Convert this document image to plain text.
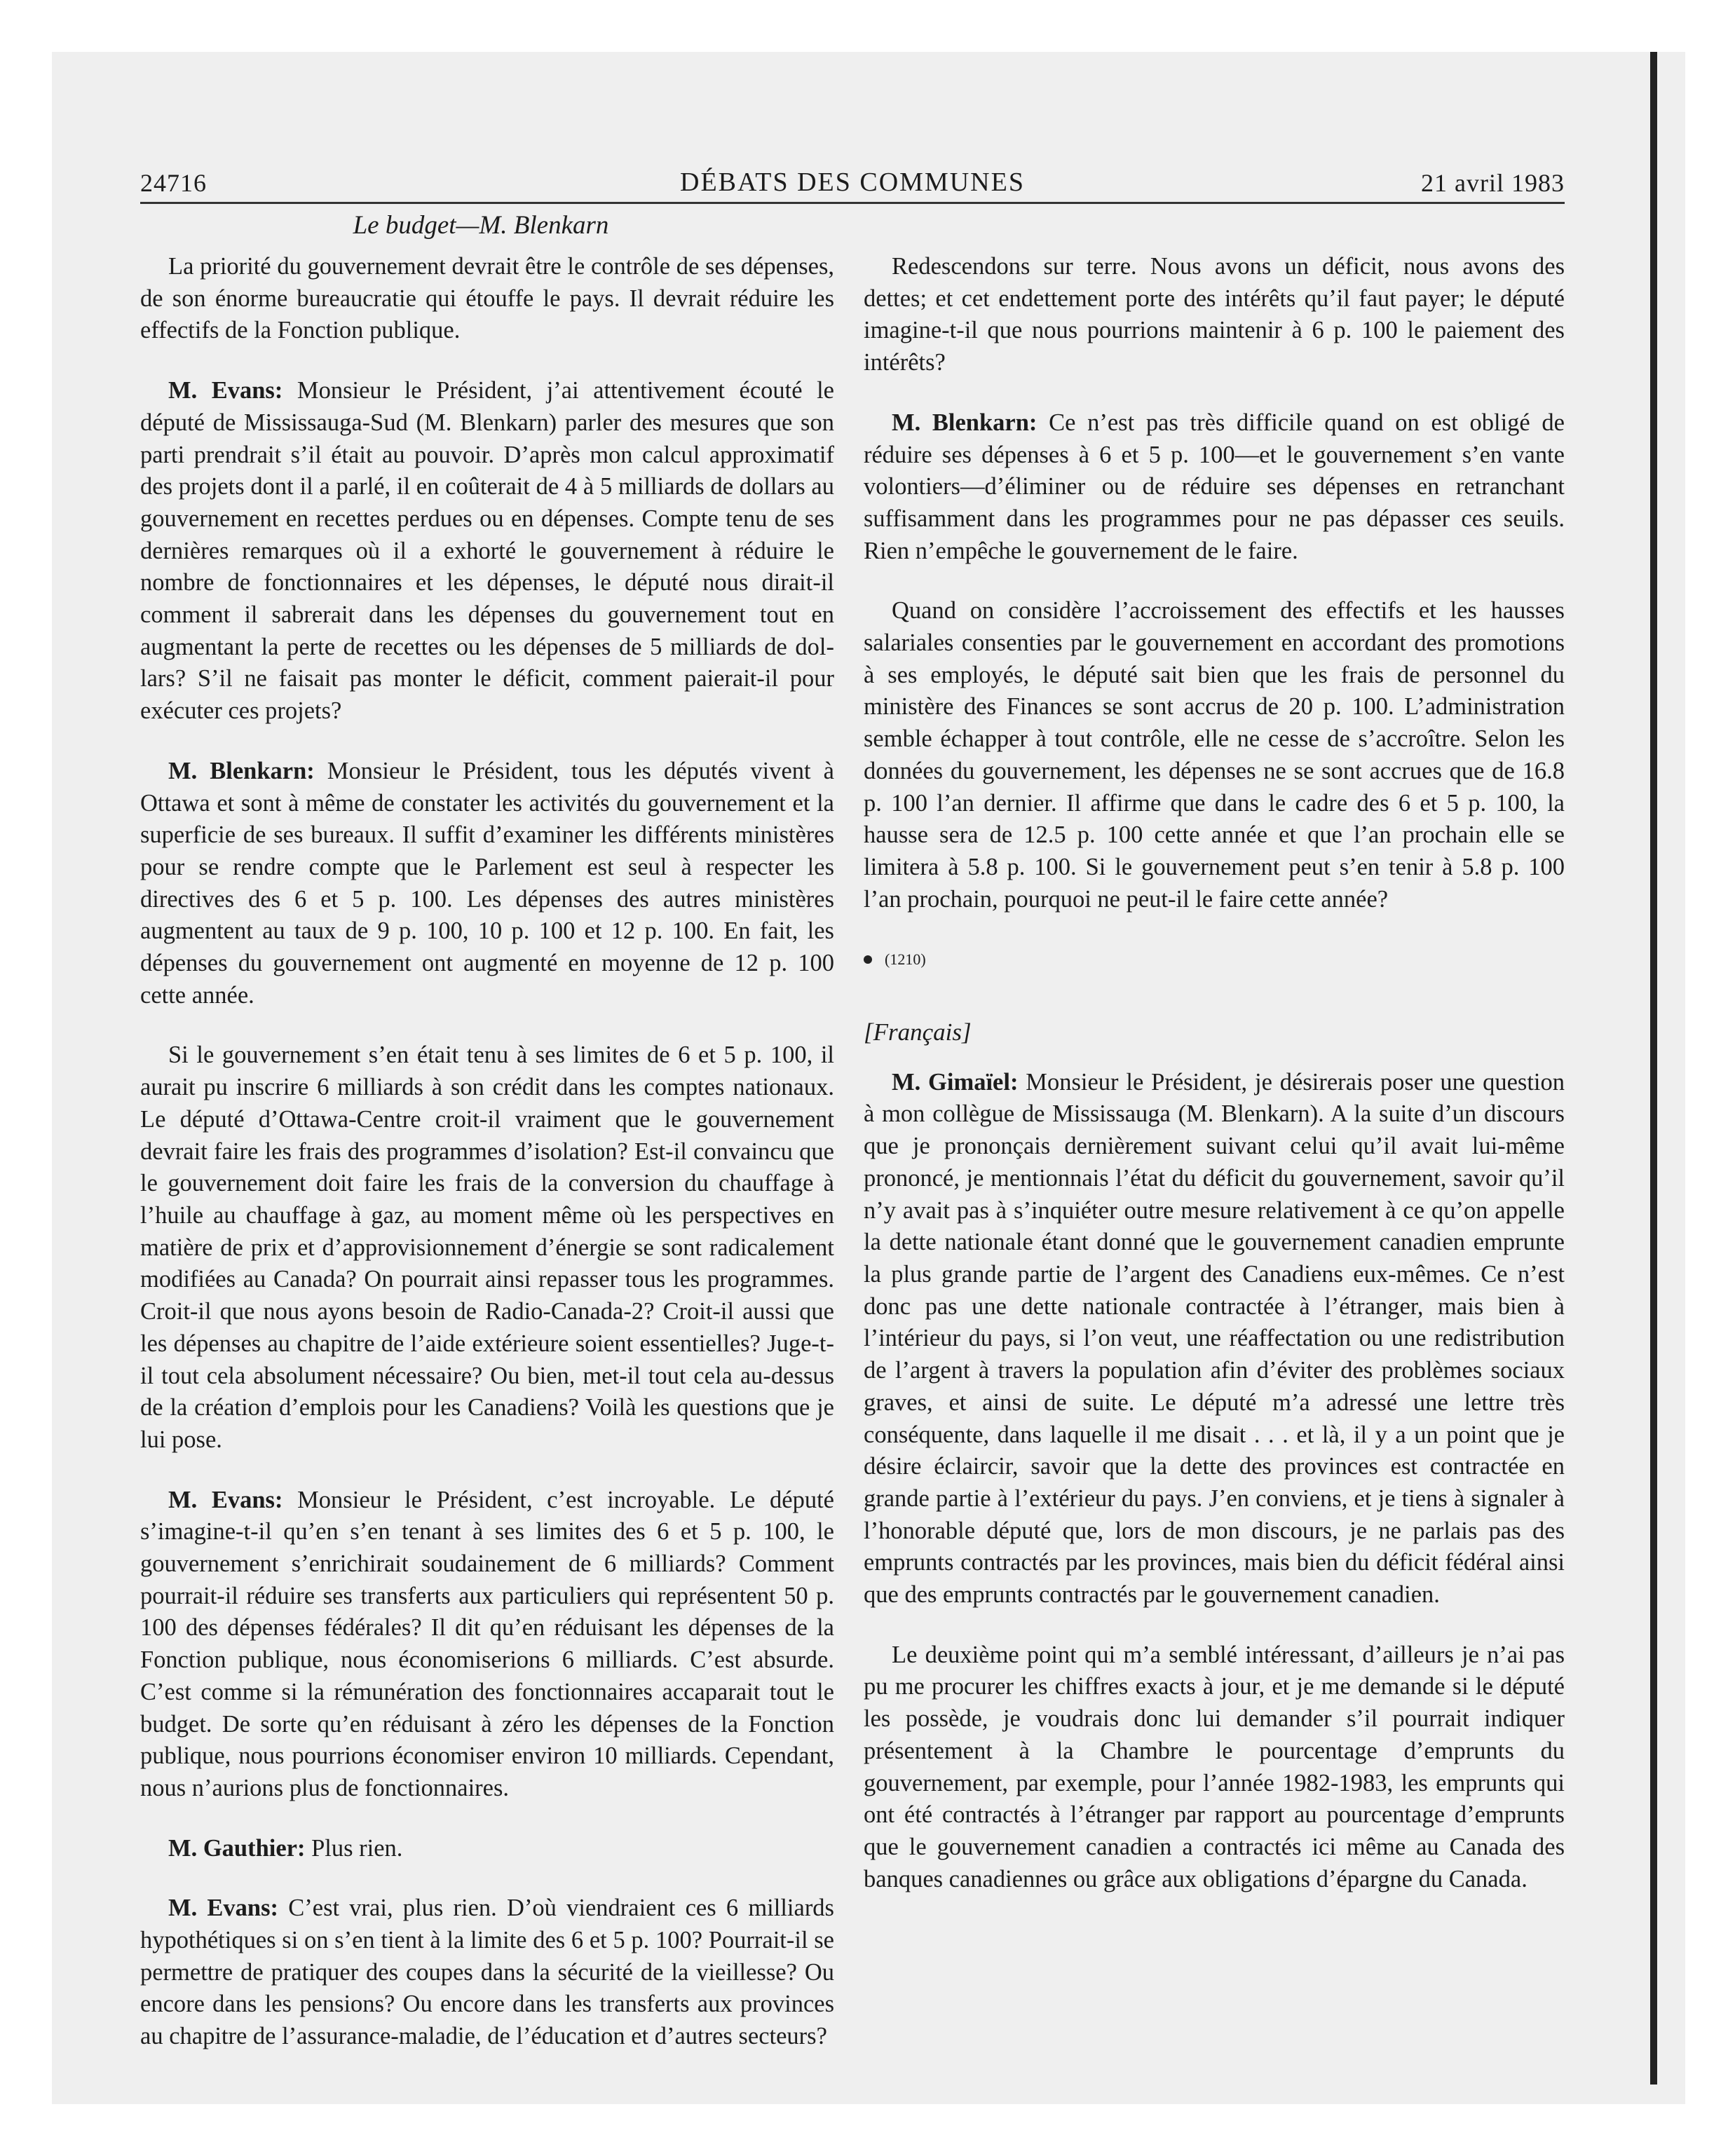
24716	DÉBATS DES COMMUNES	21 avril 1983
Le budget—M. Blenkarn

La priorité du gouvernement devrait être le contrôle de ses dépenses, de son énorme bureaucratie qui étouffe le pays. Il devrait réduire les effectifs de la Fonction publique.

M. Evans: Monsieur le Président, j’ai attentivement écouté le député de Mississauga-Sud (M. Blenkarn) parler des mesures que son parti prendrait s’il était au pouvoir. D’après mon calcul approximatif des projets dont il a parlé, il en coûterait de 4 à 5 milliards de dollars au gouvernement en recettes perdues ou en dépenses. Compte tenu de ses dernières remarques où il a exhorté le gouvernement à réduire le nombre de fonctionnaires et les dépenses, le député nous dirait-il comment il sabrerait dans les dépenses du gouvernement tout en augmentant la perte de recettes ou les dépenses de 5 milliards de dollars? S’il ne faisait pas monter le déficit, comment paierait-il pour exécuter ces projets?

M. Blenkarn: Monsieur le Président, tous les députés vivent à Ottawa et sont à même de constater les activités du gouvernement et la superficie de ses bureaux. Il suffit d’examiner les différents ministères pour se rendre compte que le Parlement est seul à respecter les directives des 6 et 5 p. 100. Les dépenses des autres ministères augmentent au taux de 9 p. 100, 10 p. 100 et 12 p. 100. En fait, les dépenses du gouvernement ont augmenté en moyenne de 12 p. 100 cette année.

Si le gouvernement s’en était tenu à ses limites de 6 et 5 p. 100, il aurait pu inscrire 6 milliards à son crédit dans les comptes nationaux. Le député d’Ottawa-Centre croit-il vraiment que le gouvernement devrait faire les frais des programmes d’isolation? Est-il convaincu que le gouvernement doit faire les frais de la conversion du chauffage à l’huile au chauffage à gaz, au moment même où les perspectives en matière de prix et d’approvisionnement d’énergie se sont radicalement modifiées au Canada? On pourrait ainsi repasser tous les programmes. Croit-il que nous ayons besoin de Radio-Canada-2? Croit-il aussi que les dépenses au chapitre de l’aide extérieure soient essentielles? Juge-t-il tout cela absolument nécessaire? Ou bien, met-il tout cela au-dessus de la création d’emplois pour les Canadiens? Voilà les questions que je lui pose.

M. Evans: Monsieur le Président, c’est incroyable. Le député s’imagine-t-il qu’en s’en tenant à ses limites des 6 et 5 p. 100, le gouvernement s’enrichirait soudainement de 6 milliards? Comment pourrait-il réduire ses transferts aux particuliers qui représentent 50 p. 100 des dépenses fédérales? Il dit qu’en réduisant les dépenses de la Fonction publique, nous économiserions 6 milliards. C’est absurde. C’est comme si la rémunération des fonctionnaires accaparait tout le budget. De sorte qu’en réduisant à zéro les dépenses de la Fonction publique, nous pourrions économiser environ 10 milliards. Cependant, nous n’aurions plus de fonctionnaires.

M. Gauthier: Plus rien.

M. Evans: C’est vrai, plus rien. D’où viendraient ces 6 milliards hypothétiques si on s’en tient à la limite des 6 et 5 p. 100? Pourrait-il se permettre de pratiquer des coupes dans la sécurité de la vieillesse? Ou encore dans les pensions? Ou encore dans les transferts aux provinces au chapitre de l’assurance-maladie, de l’éducation et d’autres secteurs?

Redescendons sur terre. Nous avons un déficit, nous avons des dettes; et cet endettement porte des intérêts qu’il faut payer; le député imagine-t-il que nous pourrions maintenir à 6 p. 100 le paiement des intérêts?

M. Blenkarn: Ce n’est pas très difficile quand on est obligé de réduire ses dépenses à 6 et 5 p. 100—et le gouvernement s’en vante volontiers—d’éliminer ou de réduire ses dépenses en retranchant suffisamment dans les programmes pour ne pas dépasser ces seuils. Rien n’empêche le gouvernement de le faire.

Quand on considère l’accroissement des effectifs et les hausses salariales consenties par le gouvernement en accordant des promotions à ses employés, le député sait bien que les frais de personnel du ministère des Finances se sont accrus de 20 p. 100. L’administration semble échapper à tout contrôle, elle ne cesse de s’accroître. Selon les données du gouvernement, les dépenses ne se sont accrues que de 16.8 p. 100 l’an dernier. Il affirme que dans le cadre des 6 et 5 p. 100, la hausse sera de 12.5 p. 100 cette année et que l’an prochain elle se limitera à 5.8 p. 100. Si le gouvernement peut s’en tenir à 5.8 p. 100 l’an prochain, pourquoi ne peut-il le faire cette année?

(1210)
[Français]

M. Gimaïel: Monsieur le Président, je désirerais poser une question à mon collègue de Mississauga (M. Blenkarn). A la suite d’un discours que je prononçais dernièrement suivant celui qu’il avait lui-même prononcé, je mentionnais l’état du déficit du gouvernement, savoir qu’il n’y avait pas à s’inquiéter outre mesure relativement à ce qu’on appelle la dette nationale étant donné que le gouvernement canadien emprunte la plus grande partie de l’argent des Canadiens eux-mêmes. Ce n’est donc pas une dette nationale contractée à l’étranger, mais bien à l’intérieur du pays, si l’on veut, une réaffectation ou une redistribution de l’argent à travers la population afin d’éviter des problèmes sociaux graves, et ainsi de suite. Le député m’a adressé une lettre très conséquente, dans laquelle il me disait . . . et là, il y a un point que je désire éclaircir, savoir que la dette des provinces est contractée en grande partie à l’extérieur du pays. J’en conviens, et je tiens à signaler à l’honorable député que, lors de mon discours, je ne parlais pas des emprunts contractés par les provinces, mais bien du déficit fédéral ainsi que des emprunts contractés par le gouvernement canadien.

Le deuxième point qui m’a semblé intéressant, d’ailleurs je n’ai pas pu me procurer les chiffres exacts à jour, et je me demande si le député les possède, je voudrais donc lui demander s’il pourrait indiquer présentement à la Chambre le pourcentage d’emprunts du gouvernement, par exemple, pour l’année 1982-1983, les emprunts qui ont été contractés à l’étranger par rapport au pourcentage d’emprunts que le gouvernement canadien a contractés ici même au Canada des banques canadiennes ou grâce aux obligations d’épargne du Canada.
